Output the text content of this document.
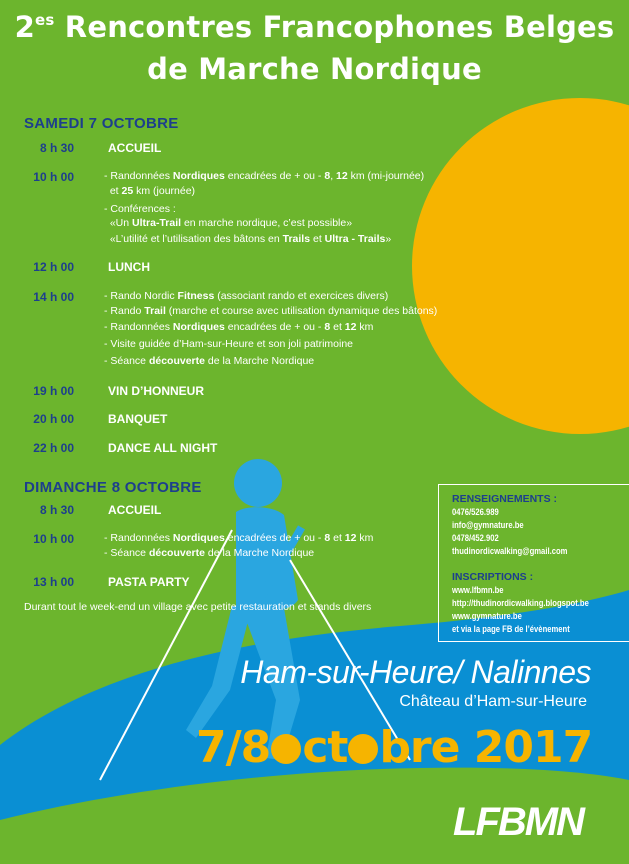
$2^{es}$ Rencontres Francophones Belges
de Marche Nordique
SAMEDI 7 OCTOBRE
8 h 30	ACCUEIL
10 h 00	- Randonnées Nordiques encadrées de + ou - 8, 12 km (mi-journée)
et 25 km (journée)
- Conférences :
«Un Ultra-Trail en marche nordique, c’est possible»
«L’utilité et l’utilisation des bâtons en Trails et Ultra - Trails»
12 h 00	LUNCH
14 h 00	- Rando Nordic Fitness (associant rando et exercices divers)
- Rando Trail (marche et course avec utilisation dynamique des bâtons)
- Randonnées Nordiques encadrées de + ou - 8 et 12 km
- Visite guidée d’Ham-sur-Heure et son joli patrimoine
- Séance découverte de la Marche Nordique
19 h 00	VIN D’HONNEUR
20 h 00	BANQUET
22 h 00	DANCE ALL NIGHT
DIMANCHE 8 OCTOBRE
8 h 30	ACCUEIL
10 h 00	- Randonnées Nordiques encadrées de + ou - 8 et 12 km
- Séance découverte de la Marche Nordique
13 h 00	PASTA PARTY
Durant tout le week-end un village avec petite restauration et stands divers
RENSEIGNEMENTS :
0476/526.989
info@gymnature.be
0478/452.902
thudinordicwalking@gmail.com
INSCRIPTIONS :
www.lfbmn.be
http://thudinordicwalking.blogspot.be
www.gymnature.be
et via la page FB de l’évènement
Ham-sur-Heure/ Nalinnes
Château d’Ham-sur-Heure
7/8 ct bre 2017
LFBMN
